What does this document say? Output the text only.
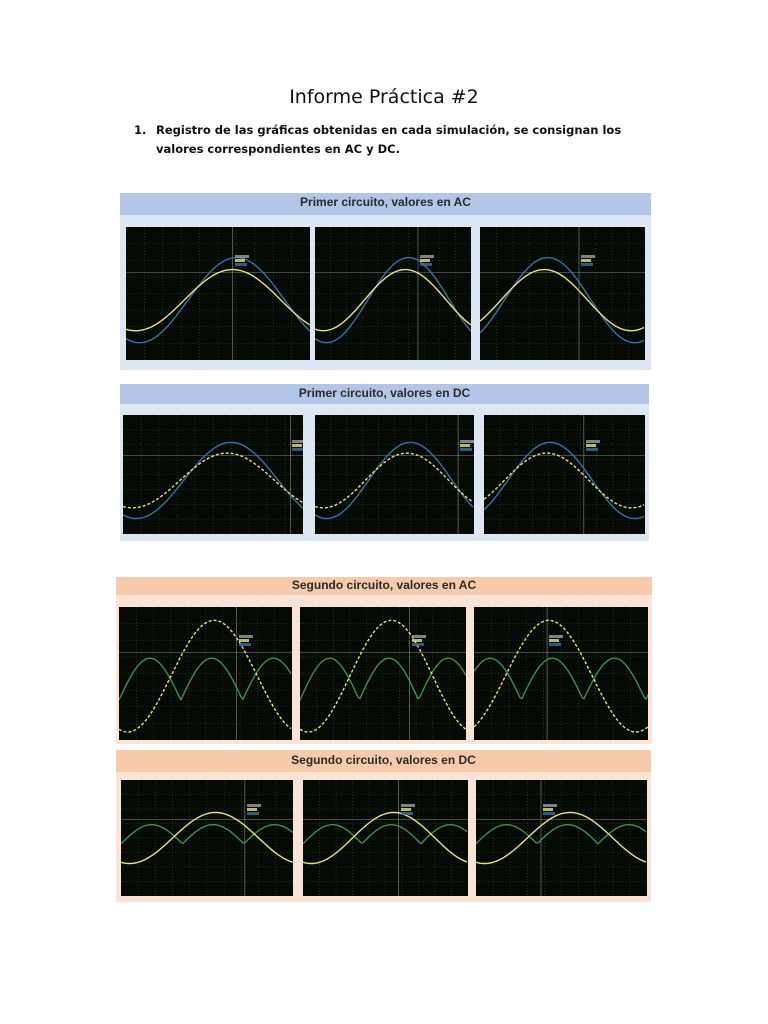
Informe Práctica #2
1. Registro de las gráficas obtenidas en cada simulación, se consignan los valores correspondientes en AC y DC.
Primer circuito, valores en AC
Primer circuito, valores en DC
Segundo circuito, valores en AC
Segundo circuito, valores en DC
